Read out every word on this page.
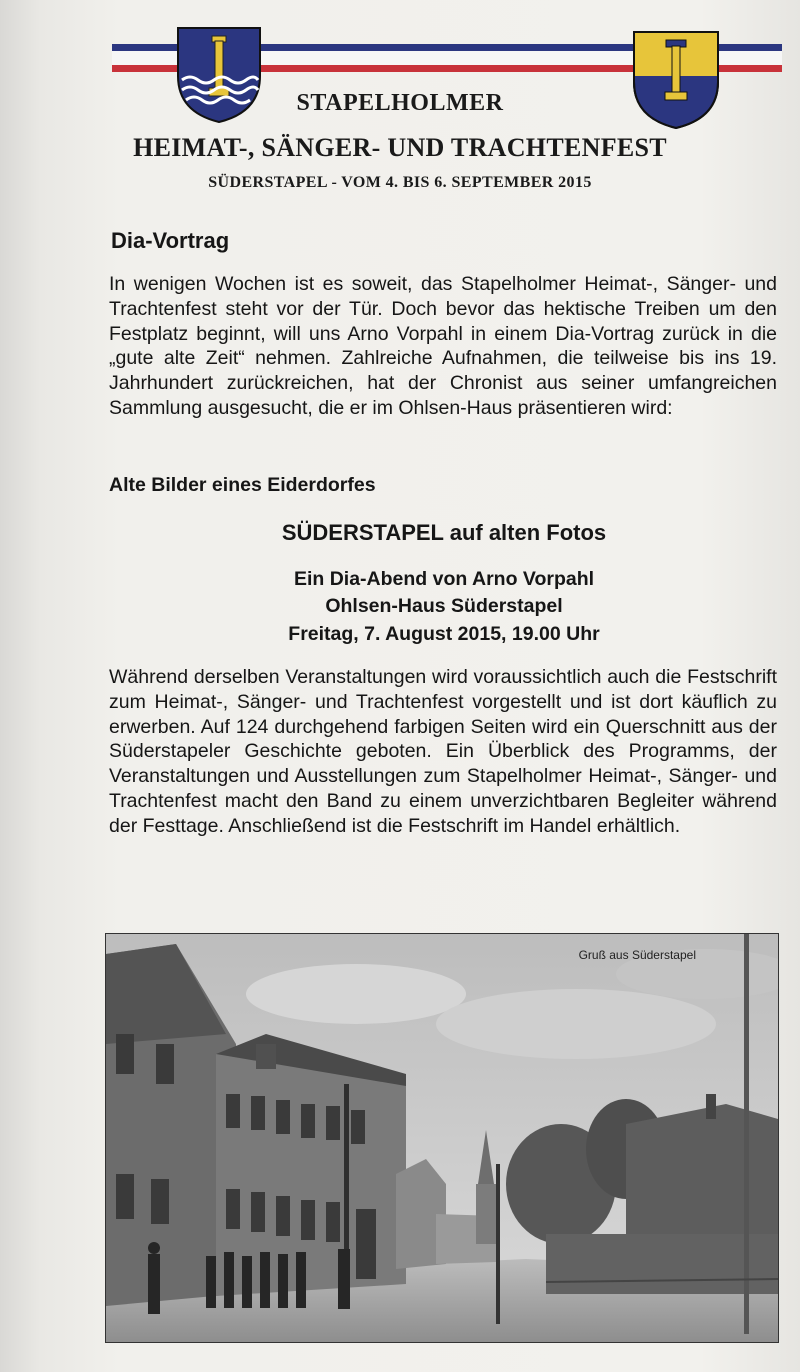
STAPELHOLMER
HEIMAT-, SÄNGER- UND TRACHTENFEST
SÜDERSTAPEL - VOM 4. BIS 6. SEPTEMBER 2015
Dia-Vortrag
In wenigen Wochen ist es soweit, das Stapelholmer Heimat-, Sänger- und Trachtenfest steht vor der Tür. Doch bevor das hektische Treiben um den Festplatz beginnt, will uns Arno Vorpahl in einem Dia-Vortrag zurück in die „gute alte Zeit“ nehmen. Zahlreiche Aufnahmen, die teilweise bis ins 19. Jahrhundert zurückreichen, hat der Chronist aus seiner umfangreichen Sammlung ausgesucht, die er im Ohlsen-Haus präsentieren wird:
Alte Bilder eines Eiderdorfes
SÜDERSTAPEL auf alten Fotos
Ein Dia-Abend von Arno Vorpahl
Ohlsen-Haus Süderstapel
Freitag, 7. August 2015, 19.00 Uhr
Während derselben Veranstaltungen wird voraussichtlich auch die Festschrift zum Heimat-, Sänger- und Trachtenfest vorgestellt und ist dort käuflich zu erwerben. Auf 124 durchgehend farbigen Seiten wird ein Querschnitt aus der Süderstapeler Geschichte geboten. Ein Überblick des Programms, der Veranstaltungen und Ausstellungen zum Stapelholmer Heimat-, Sänger- und Trachtenfest macht den Band zu einem unverzichtbaren Begleiter während der Festtage. Anschließend ist die Festschrift im Handel erhältlich.
Gruß aus Süderstapel
